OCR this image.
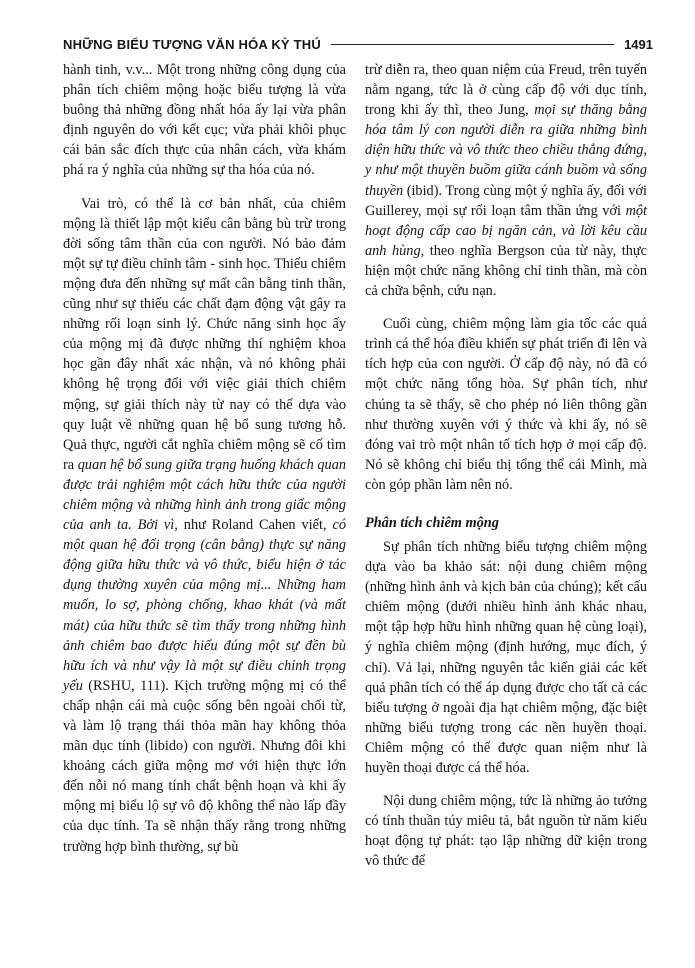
NHỮNG BIỂU TƯỢNG VĂN HÓA KỲ THÚ	1491

hành tinh, v.v... Một trong những công dụng của phân tích chiêm mộng hoặc biểu tượng là vừa buông thả những đồng nhất hóa ấy lại vừa phân định nguyên do với kết cục; vừa phải khôi phục cái bản sắc đích thực của nhân cách, vừa khám phá ra ý nghĩa của những sự tha hóa của nó.

Vai trò, có thể là cơ bản nhất, của chiêm mộng là thiết lập một kiểu cân bằng bù trừ trong đời sống tâm thần của con người. Nó bảo đảm một sự tự điều chỉnh tâm - sinh học. Thiếu chiêm mộng đưa đến những sự mất cân bằng tinh thần, cũng như sự thiếu các chất đạm động vật gây ra những rối loạn sinh lý. Chức năng sinh học ấy của mộng mị đã được những thí nghiệm khoa học gần đây nhất xác nhận, và nó không phải không hệ trọng đối với việc giải thích chiêm mộng, sự giải thích này từ nay có thể dựa vào quy luật về những quan hệ bổ sung tương hỗ. Quả thực, người cắt nghĩa chiêm mộng sẽ cố tìm ra quan hệ bổ sung giữa trạng huống khách quan được trải nghiệm một cách hữu thức của người chiêm mộng và những hình ảnh trong giấc mộng của anh ta. Bởi vì, như Roland Cahen viết, có một quan hệ đối trọng (cân bằng) thực sự năng động giữa hữu thức và vô thức, biểu hiện ở tác dụng thường xuyên của mộng mị... Những ham muốn, lo sợ, phòng chống, khao khát (và mất mát) của hữu thức sẽ tìm thấy trong những hình ảnh chiêm bao được hiểu đúng một sự đền bù hữu ích và như vậy là một sự điều chỉnh trọng yếu (RSHU, 111). Kịch trường mộng mị có thể chấp nhận cái mà cuộc sống bên ngoài chối từ, và làm lộ trạng thái thỏa mãn hay không thỏa mãn dục tính (libido) con người. Nhưng đôi khi khoảng cách giữa mộng mơ với hiện thực lớn đến nỗi nó mang tính chất bệnh hoạn và khi ấy mộng mị biểu lộ sự vô độ không thể nào lấp đầy của dục tính. Ta sẽ nhận thấy rằng trong những trường hợp bình thường, sự bù

trừ diễn ra, theo quan niệm của Freud, trên tuyến nằm ngang, tức là ở cùng cấp độ với dục tính, trong khi ấy thì, theo Jung, mọi sự thăng bằng hóa tâm lý con người diễn ra giữa những bình diện hữu thức và vô thức theo chiều thẳng đứng, y như một thuyền buồm giữa cánh buồm và sống thuyền (ibid). Trong cùng một ý nghĩa ấy, đối với Guillerey, mọi sự rối loạn tâm thần ứng với một hoạt động cấp cao bị ngăn cản, và lời kêu cầu anh hùng, theo nghĩa Bergson của từ này, thực hiện một chức năng không chỉ tinh thần, mà còn cả chữa bệnh, cứu nạn.

Cuối cùng, chiêm mộng làm gia tốc các quá trình cá thể hóa điều khiển sự phát triển đi lên và tích hợp của con người. Ở cấp độ này, nó đã có một chức năng tổng hòa. Sự phân tích, như chúng ta sẽ thấy, sẽ cho phép nó liên thông gần như thường xuyên với ý thức và khi ấy, nó sẽ đóng vai trò một nhân tố tích hợp ở mọi cấp độ. Nó sẽ không chỉ biểu thị tổng thể cái Mình, mà còn góp phần làm nên nó.

Phân tích chiêm mộng

Sự phân tích những biểu tượng chiêm mộng dựa vào ba khảo sát: nội dung chiêm mộng (những hình ảnh và kịch bản của chúng); kết cấu chiêm mộng (dưới nhiều hình ảnh khác nhau, một tập hợp hữu hình những quan hệ cùng loại), ý nghĩa chiêm mộng (định hướng, mục đích, ý chỉ). Vả lại, những nguyên tắc kiến giải các kết quả phân tích có thể áp dụng được cho tất cả các biểu tượng ở ngoài địa hạt chiêm mộng, đặc biệt những biểu tượng trong các nền huyền thoại. Chiêm mộng có thể được quan niệm như là huyền thoại được cá thể hóa.

Nội dung chiêm mộng, tức là những ảo tưởng có tính thuần túy miêu tả, bắt nguồn từ năm kiểu hoạt động tự phát: tạo lập những dữ kiện trong vô thức để
